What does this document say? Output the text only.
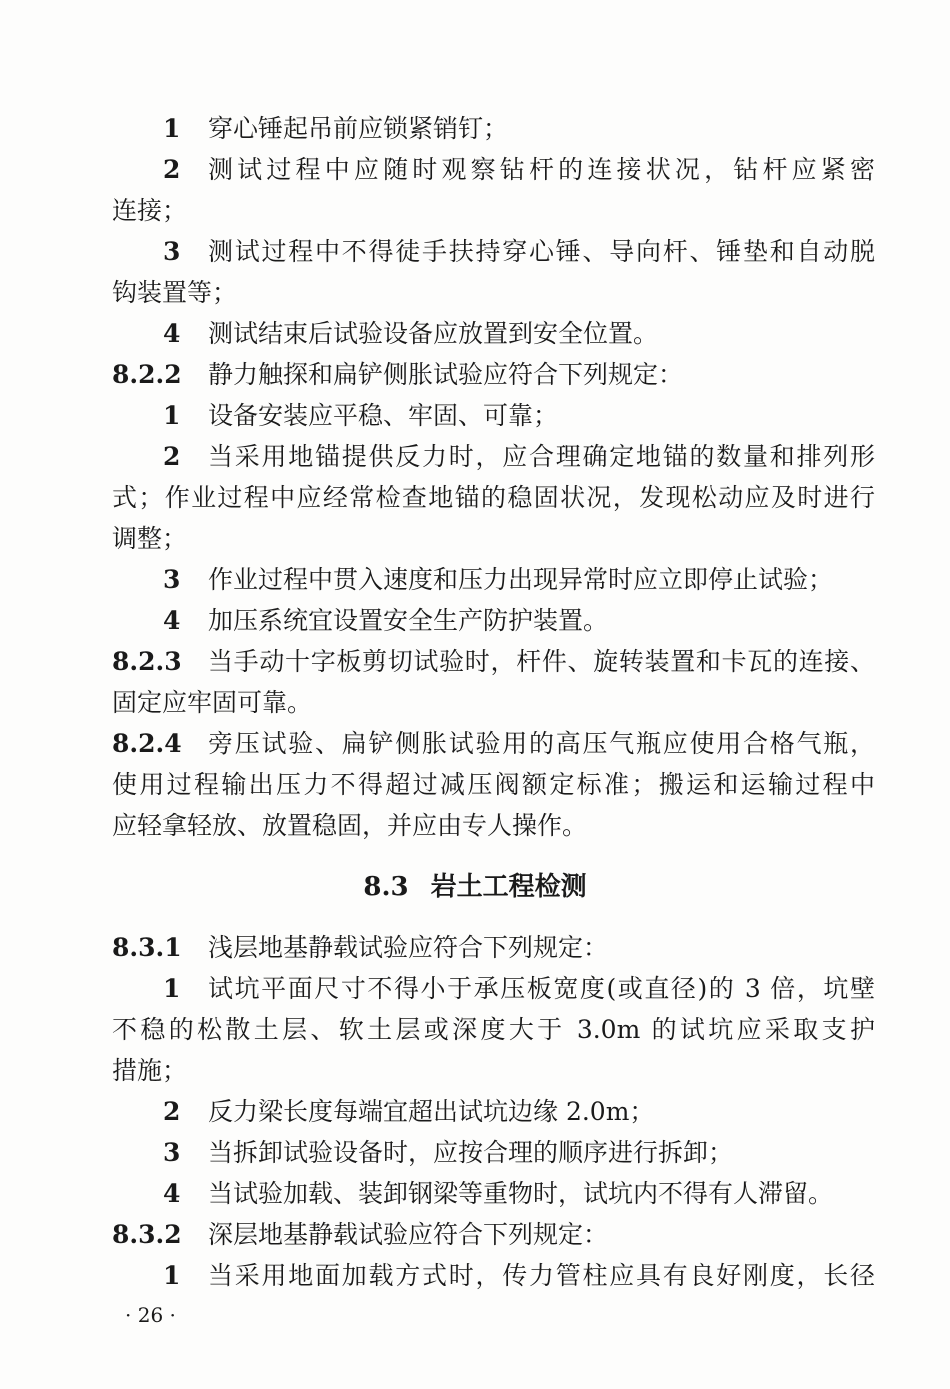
1 穿心锤起吊前应锁紧销钉；
2 测试过程中应随时观察钻杆的连接状况，钻杆应紧密
连接；
3 测试过程中不得徒手扶持穿心锤、导向杆、锤垫和自动脱
钩装置等；
4 测试结束后试验设备应放置到安全位置。
8.2.2 静力触探和扁铲侧胀试验应符合下列规定：
1 设备安装应平稳、牢固、可靠；
2 当采用地锚提供反力时，应合理确定地锚的数量和排列形
式；作业过程中应经常检查地锚的稳固状况，发现松动应及时进行
调整；
3 作业过程中贯入速度和压力出现异常时应立即停止试验；
4 加压系统宜设置安全生产防护装置。
8.2.3 当手动十字板剪切试验时，杆件、旋转装置和卡瓦的连接、
固定应牢固可靠。
8.2.4 旁压试验、扁铲侧胀试验用的高压气瓶应使用合格气瓶，
使用过程输出压力不得超过减压阀额定标准；搬运和运输过程中
应轻拿轻放、放置稳固，并应由专人操作。
8.3 岩土工程检测
8.3.1 浅层地基静载试验应符合下列规定：
1 试坑平面尺寸不得小于承压板宽度(或直径)的 3 倍，坑壁
不稳的松散土层、软土层或深度大于 3.0m 的试坑应采取支护
措施；
2 反力梁长度每端宜超出试坑边缘 2.0m；
3 当拆卸试验设备时，应按合理的顺序进行拆卸；
4 当试验加载、装卸钢梁等重物时，试坑内不得有人滞留。
8.3.2 深层地基静载试验应符合下列规定：
1 当采用地面加载方式时，传力管柱应具有良好刚度，长径
· 26 ·
